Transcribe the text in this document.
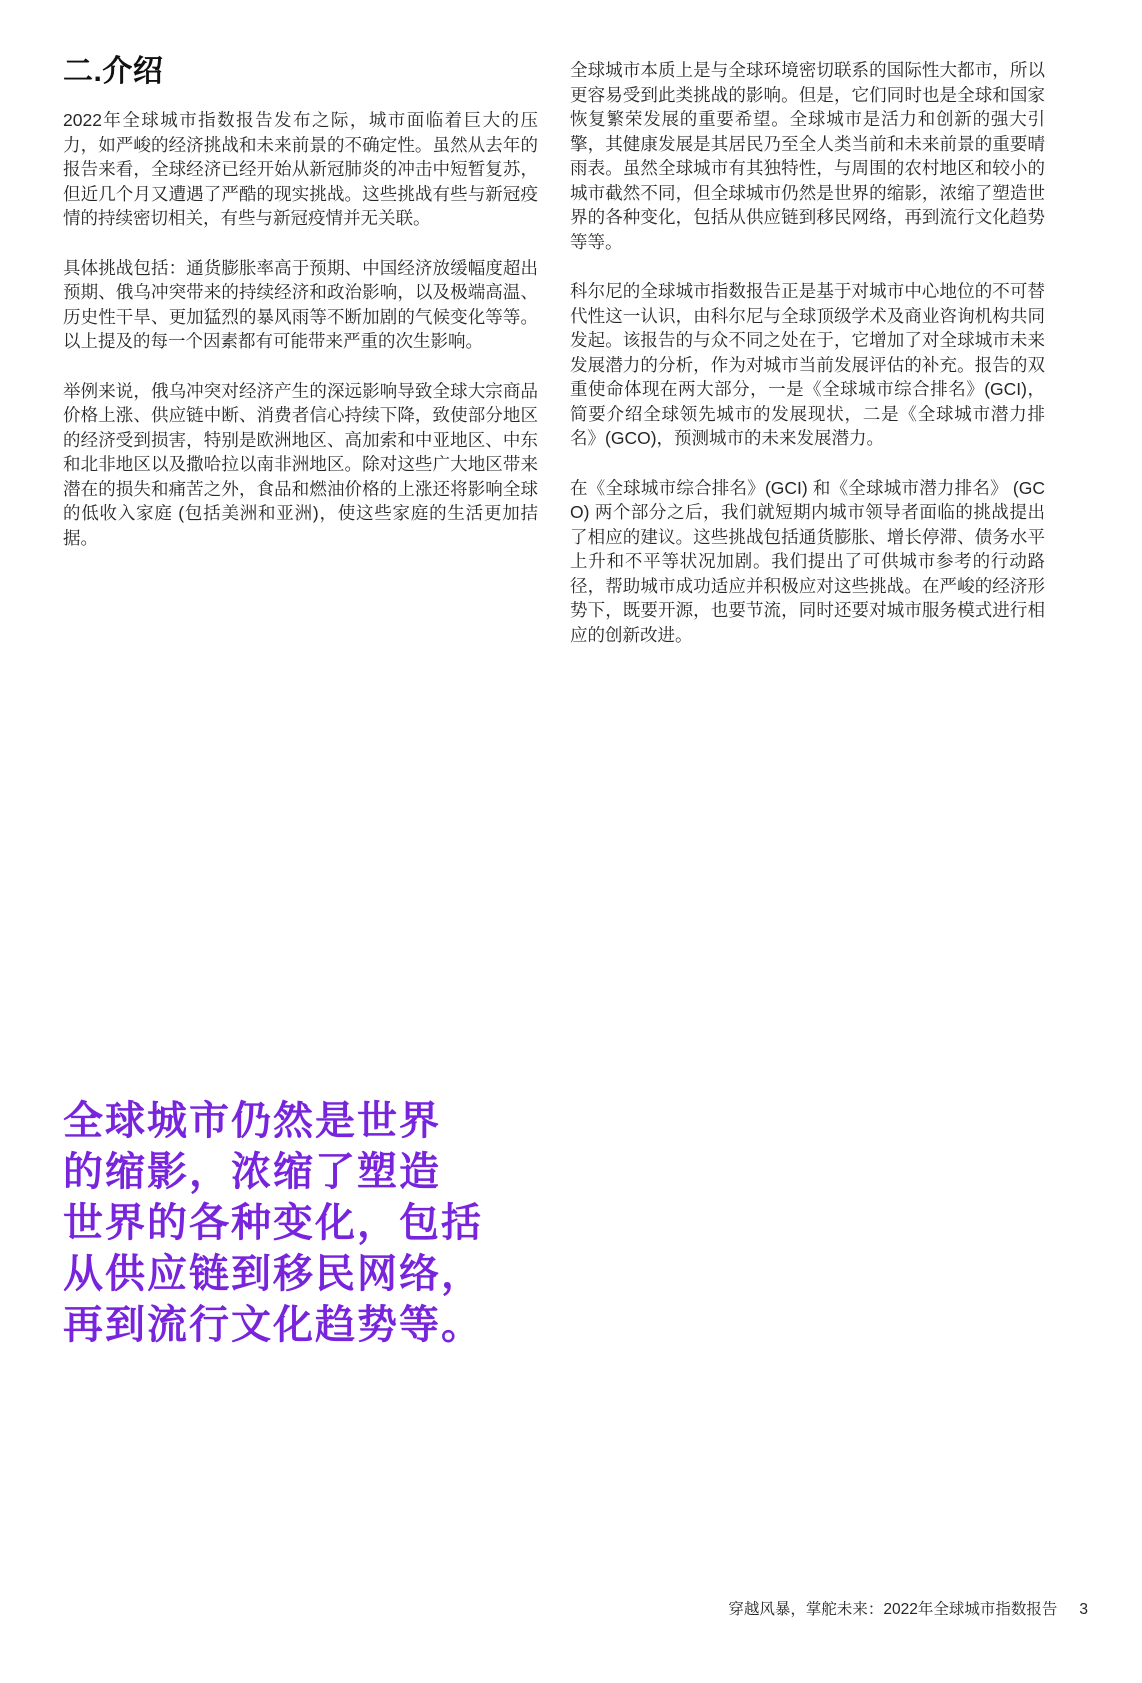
二.介绍

2022年全球城市指数报告发布之际，城市面临着巨大的压力，如严峻的经济挑战和未来前景的不确定性。虽然从去年的报告来看，全球经济已经开始从新冠肺炎的冲击中短暂复苏，但近几个月又遭遇了严酷的现实挑战。这些挑战有些与新冠疫情的持续密切相关，有些与新冠疫情并无关联。

具体挑战包括：通货膨胀率高于预期、中国经济放缓幅度超出预期、俄乌冲突带来的持续经济和政治影响，以及极端高温、历史性干旱、更加猛烈的暴风雨等不断加剧的气候变化等等。以上提及的每一个因素都有可能带来严重的次生影响。

举例来说，俄乌冲突对经济产生的深远影响导致全球大宗商品价格上涨、供应链中断、消费者信心持续下降，致使部分地区的经济受到损害，特别是欧洲地区、高加索和中亚地区、中东和北非地区以及撒哈拉以南非洲地区。除对这些广大地区带来潜在的损失和痛苦之外，食品和燃油价格的上涨还将影响全球的低收入家庭 (包括美洲和亚洲)，使这些家庭的生活更加拮据。

全球城市本质上是与全球环境密切联系的国际性大都市，所以更容易受到此类挑战的影响。但是，它们同时也是全球和国家恢复繁荣发展的重要希望。全球城市是活力和创新的强大引擎，其健康发展是其居民乃至全人类当前和未来前景的重要晴雨表。虽然全球城市有其独特性，与周围的农村地区和较小的城市截然不同，但全球城市仍然是世界的缩影，浓缩了塑造世界的各种变化，包括从供应链到移民网络，再到流行文化趋势等等。

科尔尼的全球城市指数报告正是基于对城市中心地位的不可替代性这一认识，由科尔尼与全球顶级学术及商业咨询机构共同发起。该报告的与众不同之处在于，它增加了对全球城市未来发展潜力的分析，作为对城市当前发展评估的补充。报告的双重使命体现在两大部分，一是《全球城市综合排名》(GCI)，简要介绍全球领先城市的发展现状，二是《全球城市潜力排名》(GCO)，预测城市的未来发展潜力。

在《全球城市综合排名》(GCI) 和《全球城市潜力排名》 (GCO) 两个部分之后，我们就短期内城市领导者面临的挑战提出了相应的建议。这些挑战包括通货膨胀、增长停滞、债务水平上升和不平等状况加剧。我们提出了可供城市参考的行动路径，帮助城市成功适应并积极应对这些挑战。在严峻的经济形势下，既要开源，也要节流，同时还要对城市服务模式进行相应的创新改进。

全球城市仍然是世界
的缩影，浓缩了塑造
世界的各种变化，包括
从供应链到移民网络，
再到流行文化趋势等。
穿越风暴，掌舵未来：2022年全球城市指数报告 3
